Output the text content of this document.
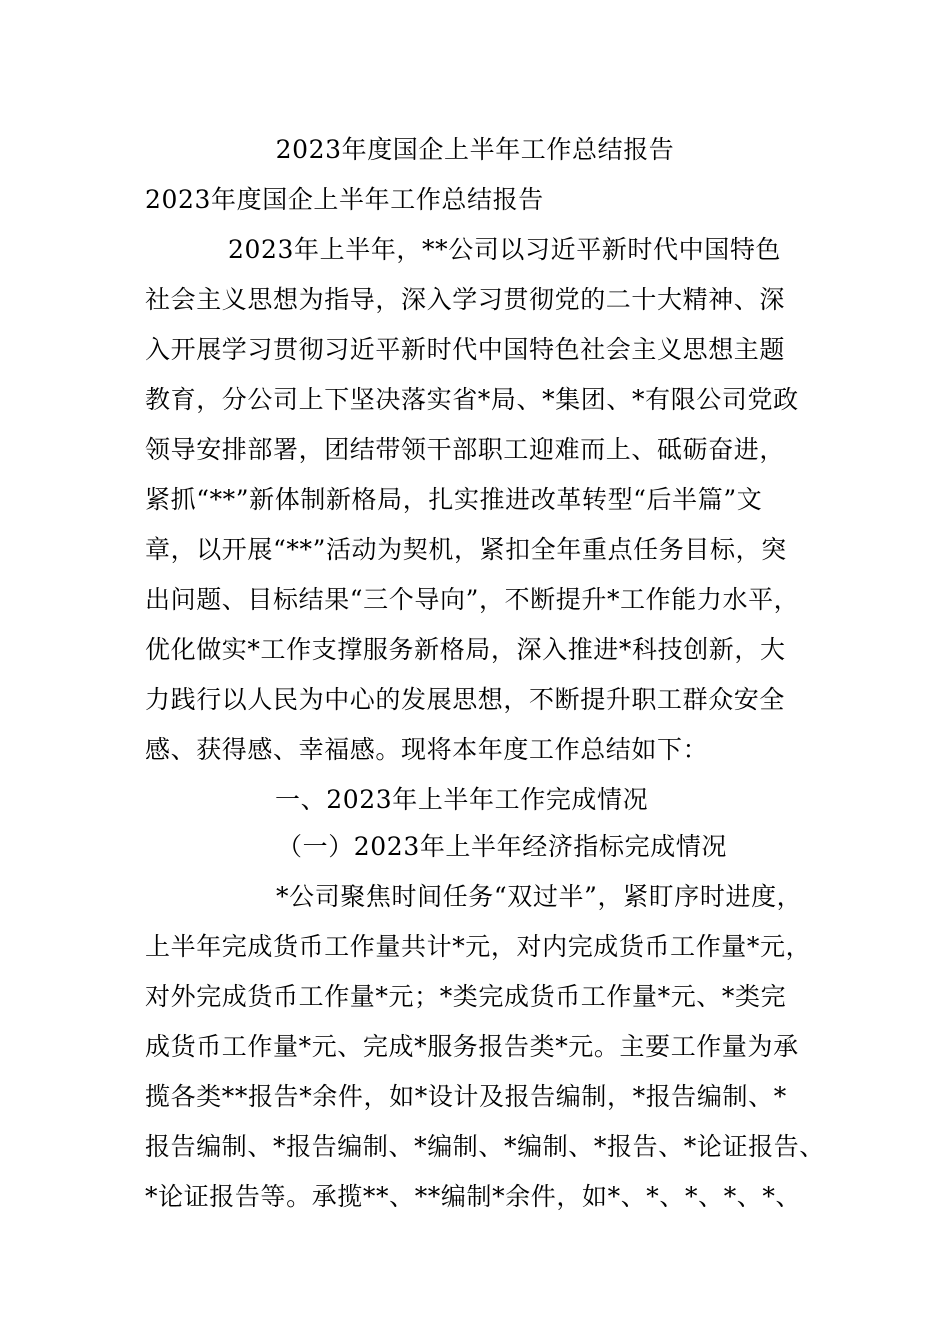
2023年度国企上半年工作总结报告
2023年度国企上半年工作总结报告
2023年上半年，**公司以习近平新时代中国特色
社会主义思想为指导，深入学习贯彻党的二十大精神、深
入开展学习贯彻习近平新时代中国特色社会主义思想主题
教育，分公司上下坚决落实省*局、*集团、*有限公司党政
领导安排部署，团结带领干部职工迎难而上、砥砺奋进，
紧抓“**”新体制新格局，扎实推进改革转型“后半篇”文
章，以开展“**”活动为契机，紧扣全年重点任务目标，突
出问题、目标结果“三个导向”，不断提升*工作能力水平，
优化做实*工作支撑服务新格局，深入推进*科技创新，大
力践行以人民为中心的发展思想，不断提升职工群众安全
感、获得感、幸福感。现将本年度工作总结如下：
一、2023年上半年工作完成情况
（一）2023年上半年经济指标完成情况
*公司聚焦时间任务“双过半”，紧盯序时进度，
上半年完成货币工作量共计*元，对内完成货币工作量*元，
对外完成货币工作量*元；*类完成货币工作量*元、*类完
成货币工作量*元、完成*服务报告类*元。主要工作量为承
揽各类**报告*余件，如*设计及报告编制，*报告编制、*
报告编制、*报告编制、*编制、*编制、*报告、*论证报告、
*论证报告等。承揽**、**编制*余件，如*、*、*、*、*、
